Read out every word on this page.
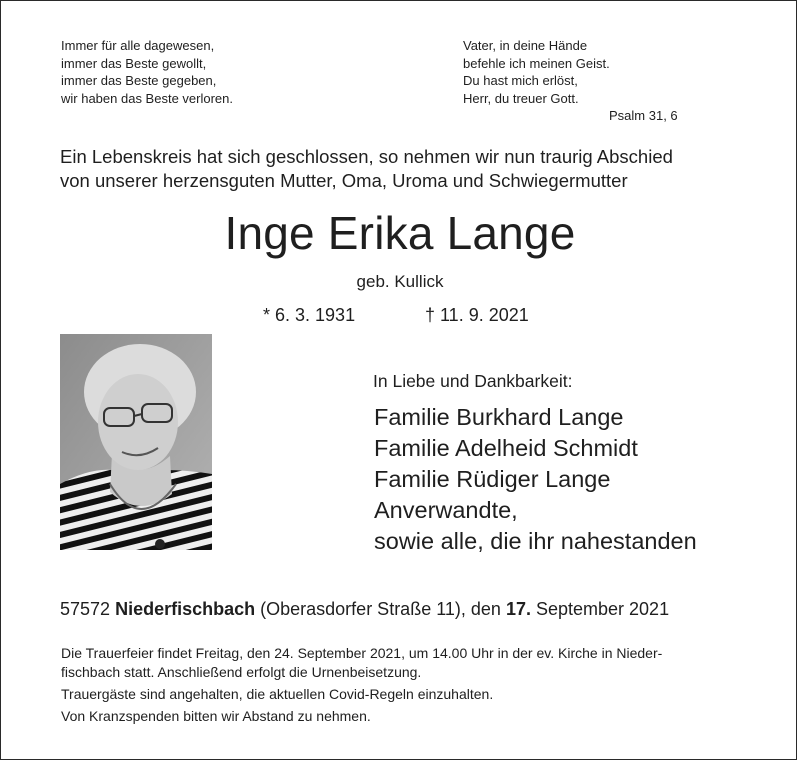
Immer für alle dagewesen,
immer das Beste gewollt,
immer das Beste gegeben,
wir haben das Beste verloren.
Vater, in deine Hände
befehle ich meinen Geist.
Du hast mich erlöst,
Herr, du treuer Gott.
Psalm 31, 6
Ein Lebenskreis hat sich geschlossen, so nehmen wir nun traurig Abschied
von unserer herzensguten Mutter, Oma, Uroma und Schwiegermutter
Inge Erika Lange
geb. Kullick
* 6. 3. 1931	† 11. 9. 2021
In Liebe und Dankbarkeit:
Familie Burkhard Lange
Familie Adelheid Schmidt
Familie Rüdiger Lange
Anverwandte,
sowie alle, die ihr nahestanden
57572 Niederfischbach (Oberasdorfer Straße 11), den 17. September 2021
Die Trauerfeier findet Freitag, den 24. September 2021, um 14.00 Uhr in der ev. Kirche in Nieder-
fischbach statt. Anschließend erfolgt die Urnenbeisetzung.
Trauergäste sind angehalten, die aktuellen Covid-Regeln einzuhalten.
Von Kranzspenden bitten wir Abstand zu nehmen.
